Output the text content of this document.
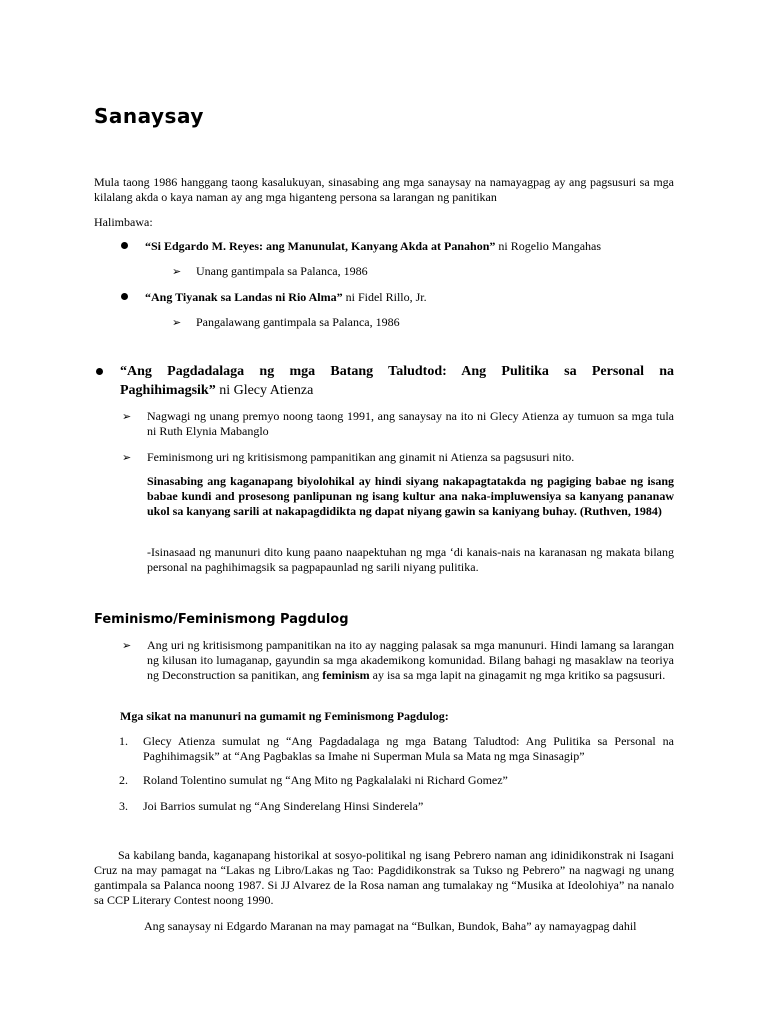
Sanaysay

Mula taong 1986 hanggang taong kasalukuyan, sinasabing ang mga sanaysay na namayagpag ay ang pagsusuri sa mga kilalang akda o kaya naman ay ang mga higanteng persona sa larangan ng panitikan

Halimbawa:

“Si Edgardo M. Reyes: ang Manunulat, Kanyang Akda at Panahon” ni Rogelio Mangahas

➢ Unang gantimpala sa Palanca, 1986

“Ang Tiyanak sa Landas ni Rio Alma” ni Fidel Rillo, Jr.

➢ Pangalawang gantimpala sa Palanca, 1986

“Ang Pagdadalaga ng mga Batang Taludtod: Ang Pulitika sa Personal na

Paghihimagsik” ni Glecy Atienza

➢ Nagwagi ng unang premyo noong taong 1991, ang sanaysay na ito ni Glecy Atienza ay tumuon sa mga tula ni Ruth Elynia Mabanglo

➢ Feminismong uri ng kritisismong pampanitikan ang ginamit ni Atienza sa pagsusuri nito.

Sinasabing ang kaganapang biyolohikal ay hindi siyang nakapagtatakda ng pagiging babae ng isang babae kundi and prosesong panlipunan ng isang kultur ana naka-impluwensiya sa kanyang pananaw ukol sa kanyang sarili at nakapagdidikta ng dapat niyang gawin sa kaniyang buhay. (Ruthven, 1984)

-Isinasaad ng manunuri dito kung paano naapektuhan ng mga ‘di kanais-nais na karanasan ng makata bilang personal na paghihimagsik sa pagpapaunlad ng sarili niyang pulitika.

Feminismo/Feminismong Pagdulog
➢ Ang uri ng kritisismong pampanitikan na ito ay nagging palasak sa mga manunuri. Hindi lamang sa larangan ng kilusan ito lumaganap, gayundin sa mga akademikong komunidad. Bilang bahagi ng masaklaw na teoriya ng Deconstruction sa panitikan, ang feminism ay isa sa mga lapit na ginagamit ng mga kritiko sa pagsusuri.

Mga sikat na manunuri na gumamit ng Feminismong Pagdulog:

1. Glecy Atienza sumulat ng “Ang Pagdadalaga ng mga Batang Taludtod: Ang Pulitika sa Personal na Paghihimagsik” at “Ang Pagbaklas sa Imahe ni Superman Mula sa Mata ng mga Sinasagip”

2. Roland Tolentino sumulat ng “Ang Mito ng Pagkalalaki ni Richard Gomez”

3. Joi Barrios sumulat ng “Ang Sinderelang Hinsi Sinderela”

Sa kabilang banda, kaganapang historikal at sosyo-politikal ng isang Pebrero naman ang idinidikonstrak ni Isagani Cruz na may pamagat na “Lakas ng Libro/Lakas ng Tao: Pagdidikonstrak sa Tukso ng Pebrero” na nagwagi ng unang gantimpala sa Palanca noong 1987. Si JJ Alvarez de la Rosa naman ang tumalakay ng “Musika at Ideolohiya” na nanalo sa CCP Literary Contest noong 1990.

Ang sanaysay ni Edgardo Maranan na may pamagat na “Bulkan, Bundok, Baha” ay namayagpag dahil
